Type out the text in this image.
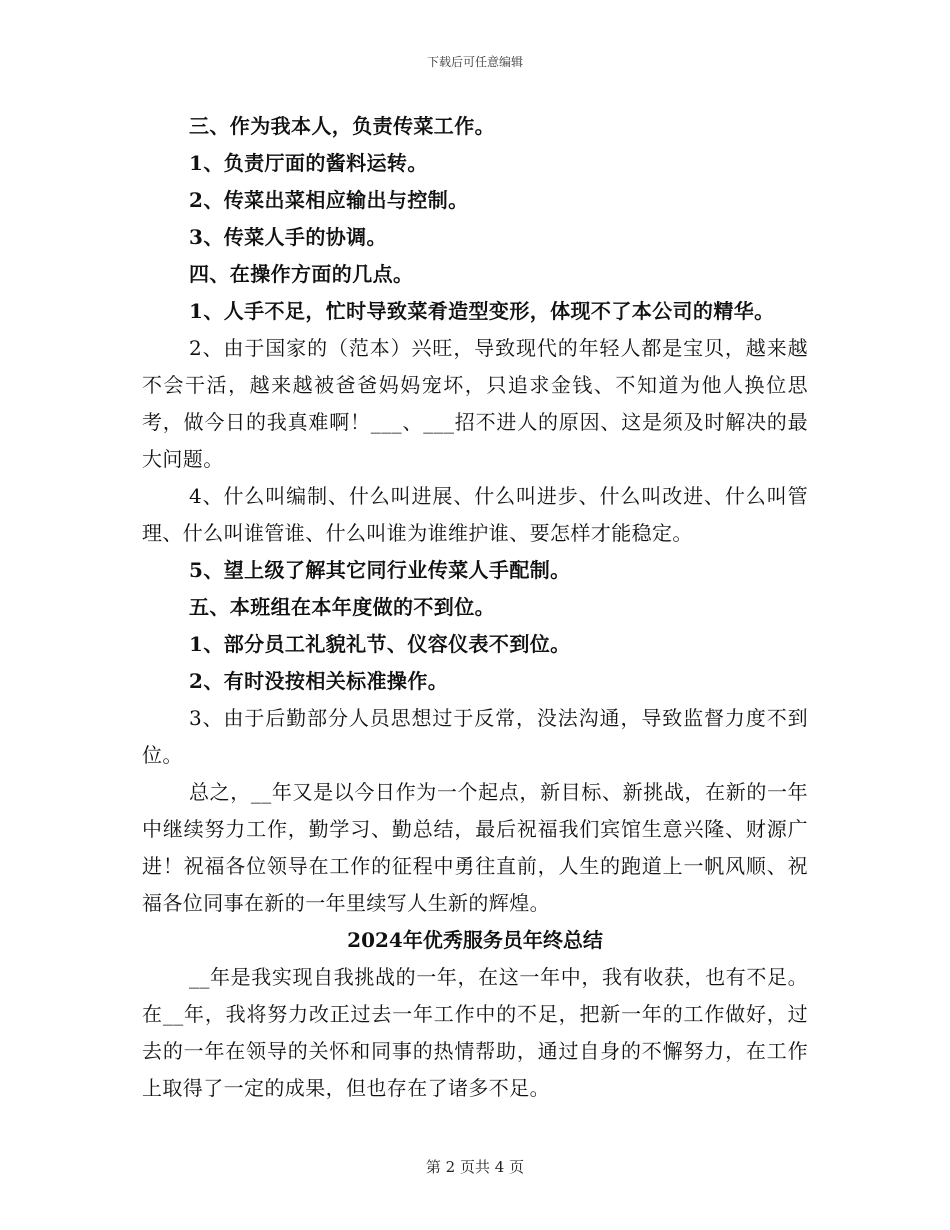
下载后可任意编辑

三、作为我本人，负责传菜工作。

1、负责厅面的酱料运转。

2、传菜出菜相应输出与控制。

3、传菜人手的协调。

四、在操作方面的几点。

1、人手不足，忙时导致菜肴造型变形，体现不了本公司的精华。

2、由于国家的（范本）兴旺，导致现代的年轻人都是宝贝，越来越不会干活，越来越被爸爸妈妈宠坏，只追求金钱、不知道为他人换位思考，做今日的我真难啊！___、___招不进人的原因、这是须及时解决的最大问题。

4、什么叫编制、什么叫进展、什么叫进步、什么叫改进、什么叫管理、什么叫谁管谁、什么叫谁为谁维护谁、要怎样才能稳定。

5、望上级了解其它同行业传菜人手配制。

五、本班组在本年度做的不到位。

1、部分员工礼貌礼节、仪容仪表不到位。

2、有时没按相关标准操作。

3、由于后勤部分人员思想过于反常，没法沟通，导致监督力度不到位。

总之，__年又是以今日作为一个起点，新目标、新挑战，在新的一年中继续努力工作，勤学习、勤总结，最后祝福我们宾馆生意兴隆、财源广进！祝福各位领导在工作的征程中勇往直前，人生的跑道上一帆风顺、祝福各位同事在新的一年里续写人生新的辉煌。

2024年优秀服务员年终总结

__年是我实现自我挑战的一年，在这一年中，我有收获，也有不足。在__年，我将努力改正过去一年工作中的不足，把新一年的工作做好，过去的一年在领导的关怀和同事的热情帮助，通过自身的不懈努力，在工作上取得了一定的成果，但也存在了诸多不足。

第 2 页共 4 页
